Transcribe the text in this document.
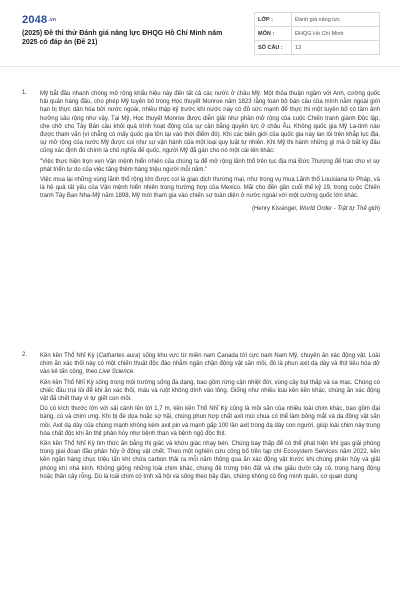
2048.vn
(2025) Đề thi thử Đánh giá năng lực ĐHQG Hồ Chí Minh năm 2025 có đáp án (Đề 21)
LỚP :	Đánh giá năng lực
MÔN :	ĐHQG Hồ Chí Minh
SỐ CÂU :	13
1. Mỹ bắt đầu nhanh chóng mở rộng khẩu hiệu này đến tất cả các nước ở châu Mỹ. Một thỏa thuận ngầm với Anh, cường quốc hải quân hàng đầu, cho phép Mỹ tuyên bố trong Học thuyết Monroe năm 1823 rằng toàn bộ bán cầu của mình nằm ngoài giới hạn bị thực dân hóa bởi nước ngoài, nhiều thập kỷ trước khi nước này có đủ sức mạnh để thực thi một tuyên bố có tầm ảnh hưởng sâu rộng như vậy. Tại Mỹ, Học thuyết Monroe được diễn giải như phần mở rộng của cuộc Chiến tranh giành Độc lập, che chở cho Tây Bán cầu khỏi quá trình hoạt động của sự cân bằng quyền lực ở châu Âu. Không quốc gia Mỹ La-tinh nào được tham vấn (vì chẳng có mấy quốc gia tồn tại vào thời điểm đó). Khi các biên giới của quốc gia này lan lỏi trên khắp lục địa, sự mở rộng của nước Mỹ được coi như sự vận hành của một loại quy luật tự nhiên. Khi Mỹ thi hành những gì mà ở bất kỳ đâu cũng xác định đó chính là chủ nghĩa đế quốc, người Mỹ đã gán cho nó một cái tên khác:

"Việc thực hiện trọn vẹn Vận mệnh hiển nhiên của chúng ta để mở rộng lãnh thổ trên lục địa mà Đức Thượng đế trao cho vì sự phát triển tự do của việc tăng thêm hàng triệu người mỗi năm."

Việc mua lại những vùng lãnh thổ rộng lớn được coi là giao dịch thương mại, như trong vụ mua Lãnh thổ Louisiana từ Pháp, và là hệ quả tất yếu của Vận mệnh hiển nhiên trong trường hợp của Mexico. Mãi cho đến gần cuối thế kỷ 19, trong cuộc Chiến tranh Tây Ban Nha-Mỹ năm 1898, Mỹ mới tham gia vào chiến sự toàn diện ở nước ngoài với một cường quốc lớn khác.

(Henry Kissinger, World Order - Trật tự Thế giới)

2. Kền kền Thổ Nhĩ Kỳ (Cathartes aura) sống khu vực từ miền nam Canada tới cực nam Nam Mỹ, chuyên ăn xác động vật. Loài chim ăn xác thối này có một chiến thuật độc đáo nhằm ngăn chặn động vật săn mồi, đó là phun axit dạ dày và thịt tiêu hóa dở vào kẻ tấn công, theo Live Science.

Kền kền Thổ Nhĩ Kỳ sống trong môi trường sống đa dạng, bao gồm rừng cận nhiệt đới, vùng cây bụi thấp và sa mạc. Chúng có chiếc đầu trụi lủi để khi ăn xác thối, máu và ruột không dính vào lông. Giống như nhiều loài kền kền khác, chúng ăn xác động vật đã chết thay vì tự giết con mồi.

Dù có kích thước lớn với sải cánh lên tới 1,7 m, kền kền Thổ Nhĩ Kỳ cũng là mồi săn của nhiều loài chim khác, bao gồm đại bàng, cú và chim ưng. Khi bị đe dọa hoặc sợ hãi, chúng phun hợp chất axit mùi chua có thể làm bỏng mắt và da động vật săn mồi. Axit dạ dày của chúng mạnh không kém axit pin và mạnh gấp 100 lần axit trong dạ dày con người, giúp loài chim này trung hòa chất độc khi ăn thịt phân hủy như bệnh than và bệnh ngộ độc thịt.

Kền kền Thổ Nhĩ Kỳ tìm thức ăn bằng thị giác và khứu giác nhạy bén. Chúng bay thấp để có thể phát hiện khí gas giải phóng trong giai đoạn đầu phân hủy ở động vật chết. Theo một nghiên cứu công bố trên tạp chí Ecosystem Services năm 2022, kền kền ngăn hàng chục triệu tấn khí chứa carbon thải ra mỗi năm thông qua ăn xác động vật trước khi chúng phân hủy và giải phóng khí nhà kính. Không giống những loài chim khác, chúng đẻ trứng trên đất và che giấu dưới cây cỏ, trong hang động hoặc thân cây rỗng. Dù là loài chim có tính xã hội và sống theo bầy đàn, chúng không có ổng minh quản, cơ quan dùng
